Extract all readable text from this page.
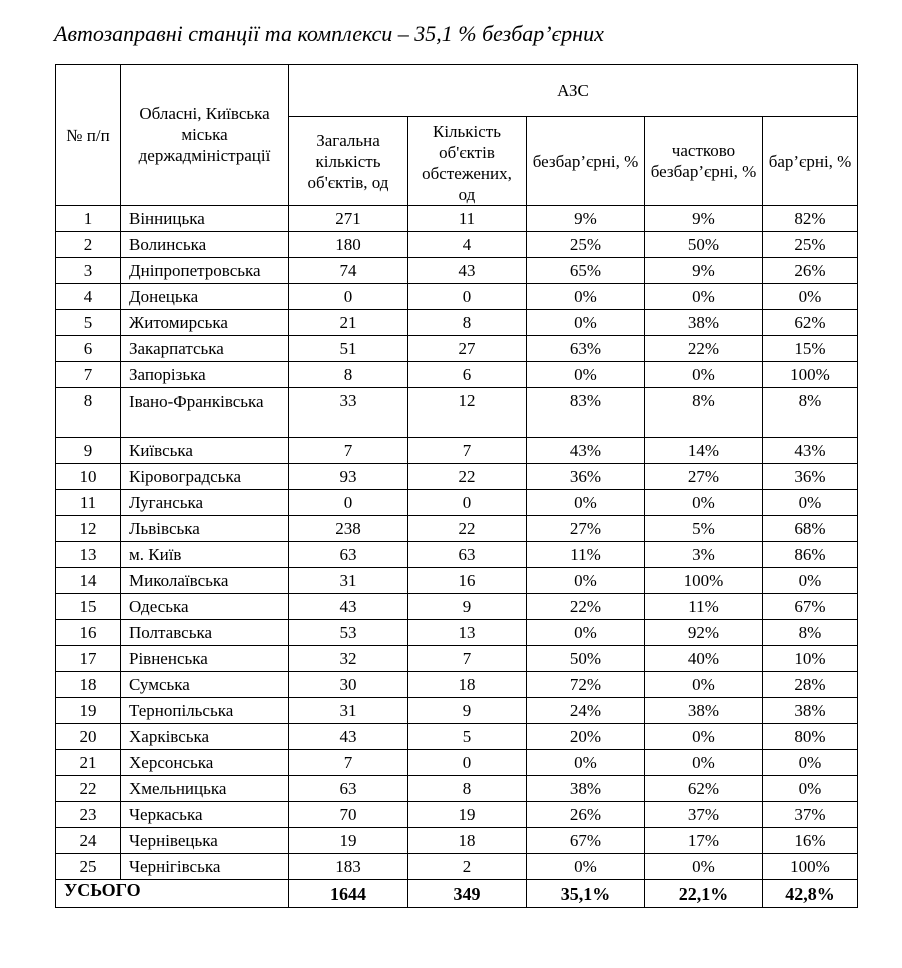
Автозаправні станції та комплекси – 35,1 % безбар’єрних
№ п/п	Обласні, Київська міська держадміністрації	АЗС				
		Загальна кількість об'єктів, од	Кількість об'єктів обстежених, од	безбар’єрні, %	частково безбар’єрні, %	бар’єрні, %
1	Вінницька	271	11	9%	9%	82%
2	Волинська	180	4	25%	50%	25%
3	Дніпропетровська	74	43	65%	9%	26%
4	Донецька	0	0	0%	0%	0%
5	Житомирська	21	8	0%	38%	62%
6	Закарпатська	51	27	63%	22%	15%
7	Запорізька	8	6	0%	0%	100%
8	Івано-Франківська	33	12	83%	8%	8%
9	Київська	7	7	43%	14%	43%
10	Кіровоградська	93	22	36%	27%	36%
11	Луганська	0	0	0%	0%	0%
12	Львівська	238	22	27%	5%	68%
13	м. Київ	63	63	11%	3%	86%
14	Миколаївська	31	16	0%	100%	0%
15	Одеська	43	9	22%	11%	67%
16	Полтавська	53	13	0%	92%	8%
17	Рівненська	32	7	50%	40%	10%
18	Сумська	30	18	72%	0%	28%
19	Тернопільська	31	9	24%	38%	38%
20	Харківська	43	5	20%	0%	80%
21	Херсонська	7	0	0%	0%	0%
22	Хмельницька	63	8	38%	62%	0%
23	Черкаська	70	19	26%	37%	37%
24	Чернівецька	19	18	67%	17%	16%
25	Чернігівська	183	2	0%	0%	100%
УСЬОГО		1644	349	35,1%	22,1%	42,8%
